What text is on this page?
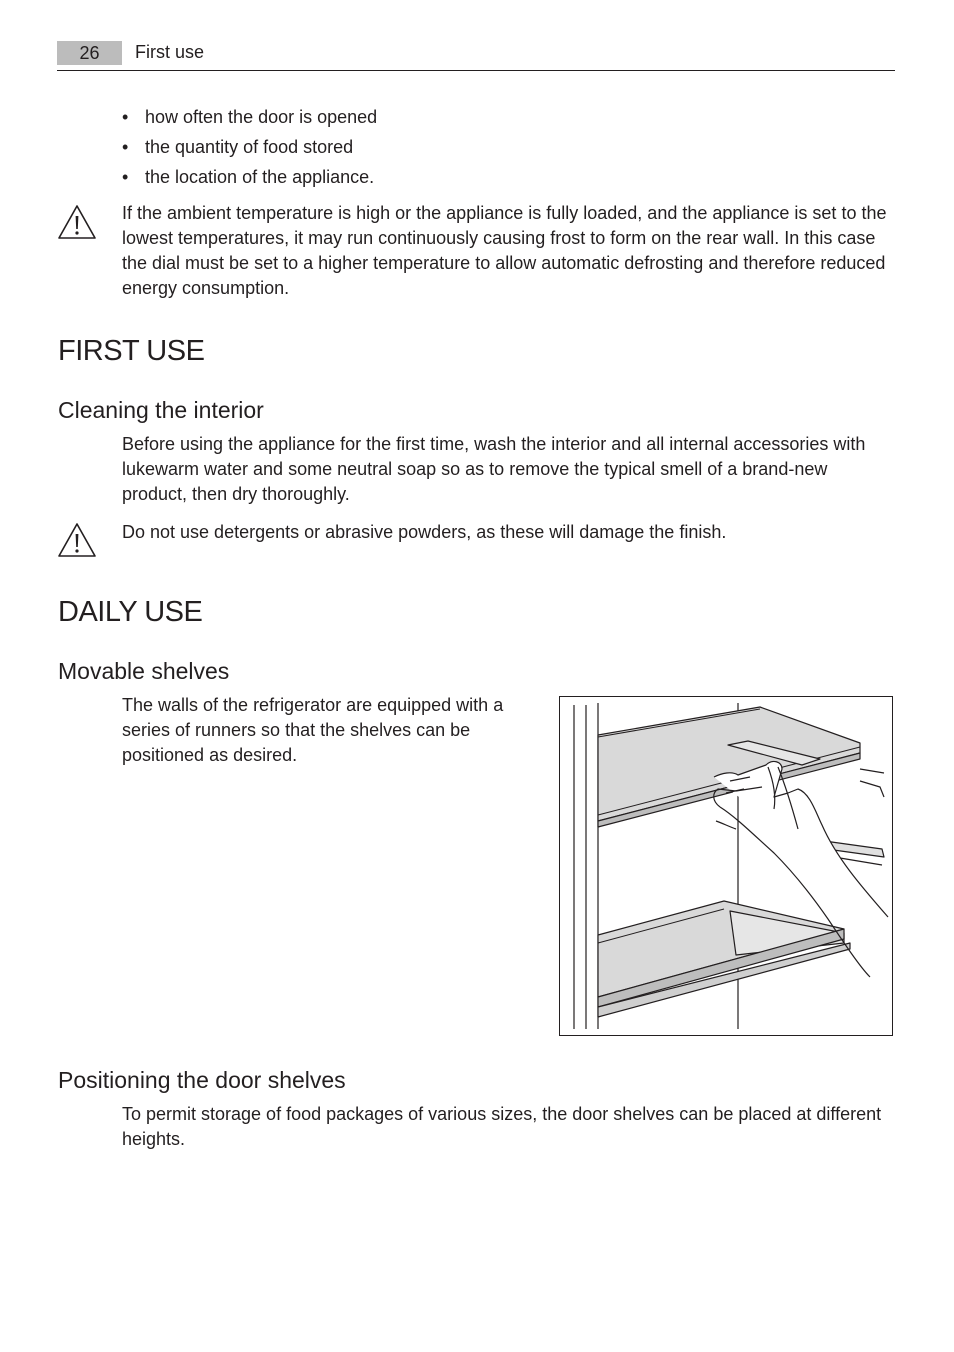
26	First use
• how often the door is opened
• the quantity of food stored
• the location of the appliance.

If the ambient temperature is high or the appliance is fully loaded, and the appliance is set to the lowest temperatures, it may run continuously causing frost to form on the rear wall. In this case the dial must be set to a higher temperature to allow automatic defrosting and therefore reduced energy consumption.

FIRST USE
Cleaning the interior

Before using the appliance for the first time, wash the interior and all internal accessories with lukewarm water and some neutral soap so as to remove the typical smell of a brand-new product, then dry thoroughly.

Do not use detergents or abrasive powders, as these will damage the finish.

DAILY USE
Movable shelves

The walls of the refrigerator are equipped with a series of runners so that the shelves can be positioned as desired.

Positioning the door shelves

To permit storage of food packages of various sizes, the door shelves can be placed at different heights.
